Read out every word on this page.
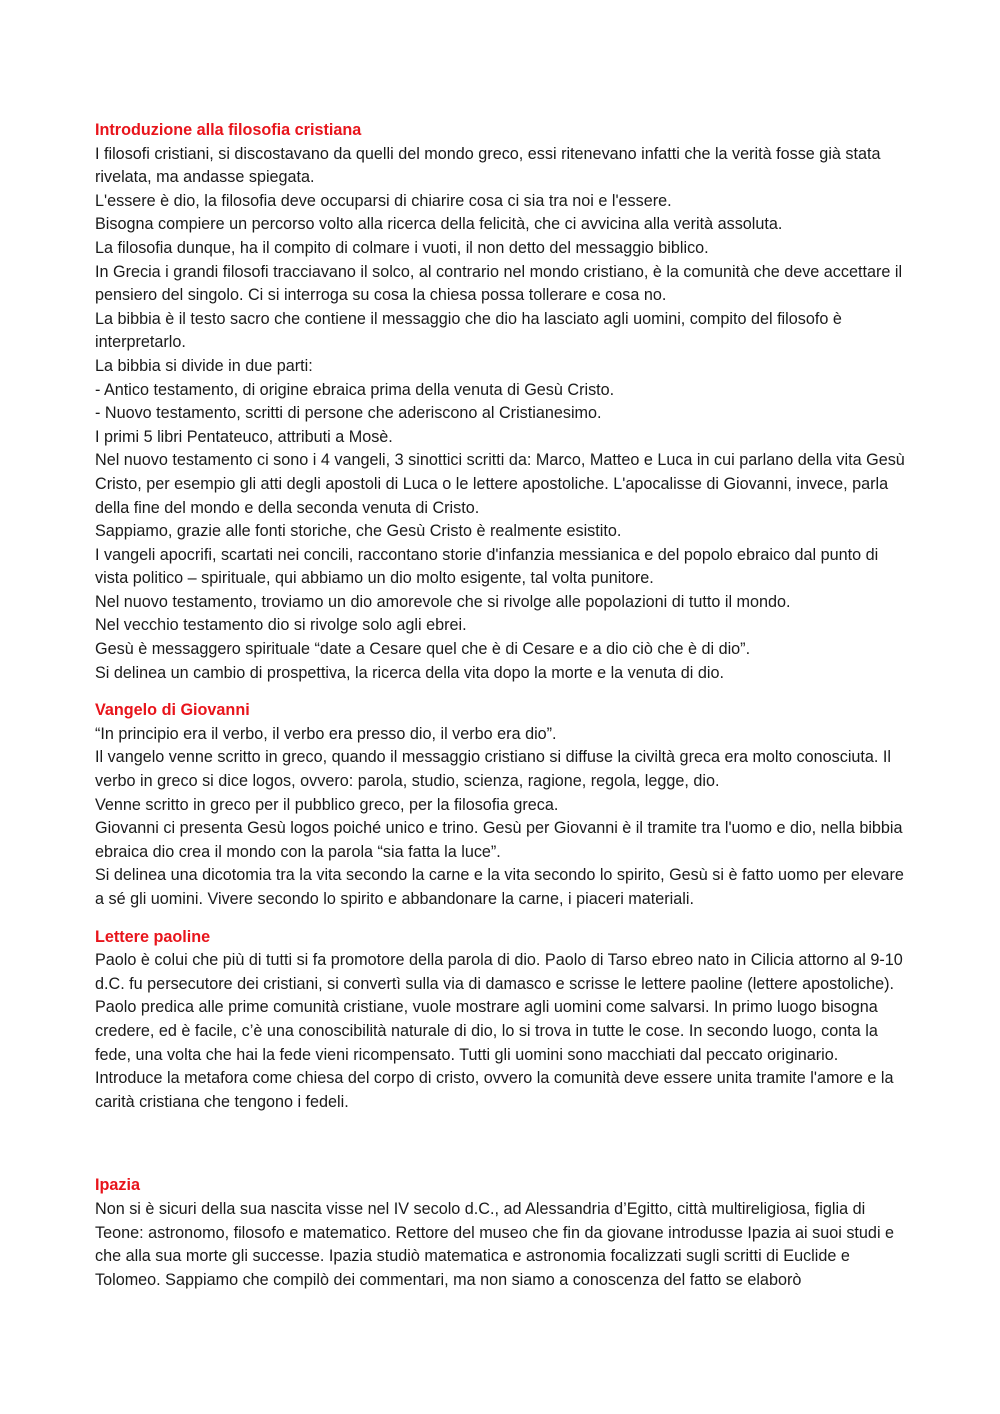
Introduzione alla filosofia cristiana

I filosofi cristiani, si discostavano da quelli del mondo greco, essi ritenevano infatti che la verità fosse già stata rivelata, ma andasse spiegata.

L'essere è dio, la filosofia deve occuparsi di chiarire cosa ci sia tra noi e l'essere.

Bisogna compiere un percorso volto alla ricerca della felicità, che ci avvicina alla verità assoluta.

La filosofia dunque, ha il compito di colmare i vuoti, il non detto del messaggio biblico.

In Grecia i grandi filosofi tracciavano il solco, al contrario nel mondo cristiano, è la comunità che deve accettare il pensiero del singolo. Ci si interroga su cosa la chiesa possa tollerare e cosa no.

La bibbia è il testo sacro che contiene il messaggio che dio ha lasciato agli uomini, compito del filosofo è interpretarlo.

La bibbia si divide in due parti:

- Antico testamento, di origine ebraica prima della venuta di Gesù Cristo.

- Nuovo testamento, scritti di persone che aderiscono al Cristianesimo.

I primi 5 libri Pentateuco, attributi a Mosè.

Nel nuovo testamento ci sono i 4 vangeli, 3 sinottici scritti da: Marco, Matteo e Luca in cui parlano della vita Gesù Cristo, per esempio gli atti degli apostoli di Luca o le lettere apostoliche. L'apocalisse di Giovanni, invece, parla della fine del mondo e della seconda venuta di Cristo.

Sappiamo, grazie alle fonti storiche, che Gesù Cristo è realmente esistito.

I vangeli apocrifi, scartati nei concili, raccontano storie d'infanzia messianica e del popolo ebraico dal punto di vista politico – spirituale, qui abbiamo un dio molto esigente, tal volta punitore.

Nel nuovo testamento, troviamo un dio amorevole che si rivolge alle popolazioni di tutto il mondo.

Nel vecchio testamento dio si rivolge solo agli ebrei.

Gesù è messaggero spirituale “date a Cesare quel che è di Cesare e a dio ciò che è di dio”.

Si delinea un cambio di prospettiva, la ricerca della vita dopo la morte e la venuta di dio.

Vangelo di Giovanni

“In principio era il verbo, il verbo era presso dio, il verbo era dio”.

Il vangelo venne scritto in greco, quando il messaggio cristiano si diffuse la civiltà greca era molto conosciuta. Il verbo in greco si dice logos, ovvero: parola, studio, scienza, ragione, regola, legge, dio.

Venne scritto in greco per il pubblico greco, per la filosofia greca.

Giovanni ci presenta Gesù logos poiché unico e trino. Gesù per Giovanni è il tramite tra l'uomo e dio, nella bibbia ebraica dio crea il mondo con la parola “sia fatta la luce”.

Si delinea una dicotomia tra la vita secondo la carne e la vita secondo lo spirito, Gesù si è fatto uomo per elevare a sé gli uomini. Vivere secondo lo spirito e abbandonare la carne, i piaceri materiali.

Lettere paoline

Paolo è colui che più di tutti si fa promotore della parola di dio. Paolo di Tarso ebreo nato in Cilicia attorno al 9-10 d.C. fu persecutore dei cristiani, si convertì sulla via di damasco e scrisse le lettere paoline (lettere apostoliche).

Paolo predica alle prime comunità cristiane, vuole mostrare agli uomini come salvarsi. In primo luogo bisogna credere, ed è facile, c’è una conoscibilità naturale di dio, lo si trova in tutte le cose. In secondo luogo, conta la fede, una volta che hai la fede vieni ricompensato. Tutti gli uomini sono macchiati dal peccato originario. Introduce la metafora come chiesa del corpo di cristo, ovvero la comunità deve essere unita tramite l'amore e la carità cristiana che tengono i fedeli.

Ipazia

Non si è sicuri della sua nascita visse nel IV secolo d.C., ad Alessandria d’Egitto, città multireligiosa, figlia di Teone: astronomo, filosofo e matematico. Rettore del museo che fin da giovane introdusse Ipazia ai suoi studi e che alla sua morte gli successe. Ipazia studiò matematica e astronomia focalizzati sugli scritti di Euclide e Tolomeo. Sappiamo che compilò dei commentari, ma non siamo a conoscenza del fatto se elaborò
